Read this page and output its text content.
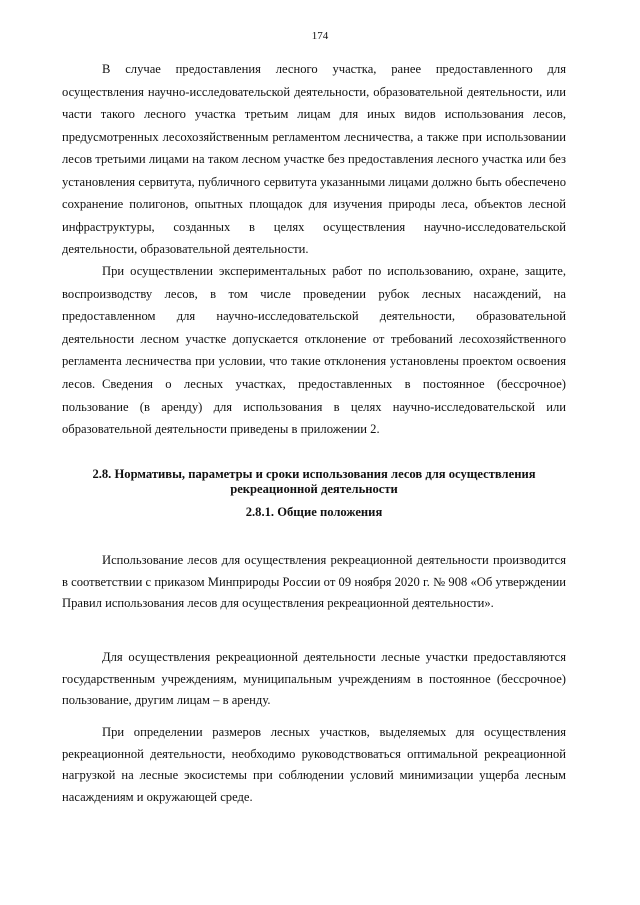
174

В случае предоставления лесного участка, ранее предоставленного для осуществления научно-исследовательской деятельности, образовательной деятельности, или части такого лесного участка третьим лицам для иных видов использования лесов, предусмотренных лесохозяйственным регламентом лесничества, а также при использовании лесов третьими лицами на таком лесном участке без предоставления лесного участка или без установления сервитута, публичного сервитута указанными лицами должно быть обеспечено сохранение полигонов, опытных площадок для изучения природы леса, объектов лесной инфраструктуры, созданных в целях осуществления научно-исследовательской деятельности, образовательной деятельности.

При осуществлении экспериментальных работ по использованию, охране, защите, воспроизводству лесов, в том числе проведении рубок лесных насаждений, на предоставленном для научно-исследовательской деятельности, образовательной деятельности лесном участке допускается отклонение от требований лесохозяйственного регламента лесничества при условии, что такие отклонения установлены проектом освоения лесов. Сведения о лесных участках, предоставленных в постоянное (бессрочное) пользование (в аренду) для использования в целях научно-исследовательской или образовательной деятельности приведены в приложении 2.

2.8. Нормативы, параметры и сроки использования лесов для осуществления рекреационной деятельности

2.8.1. Общие положения

Использование лесов для осуществления рекреационной деятельности производится в соответствии с приказом Минприроды России от 09 ноября 2020 г. № 908 «Об утверждении Правил использования лесов для осуществления рекреационной деятельности».

Для осуществления рекреационной деятельности лесные участки предоставляются государственным учреждениям, муниципальным учреждениям в постоянное (бессрочное) пользование, другим лицам – в аренду.

При определении размеров лесных участков, выделяемых для осуществления рекреационной деятельности, необходимо руководствоваться оптимальной рекреационной нагрузкой на лесные экосистемы при соблюдении условий минимизации ущерба лесным насаждениям и окружающей среде.
